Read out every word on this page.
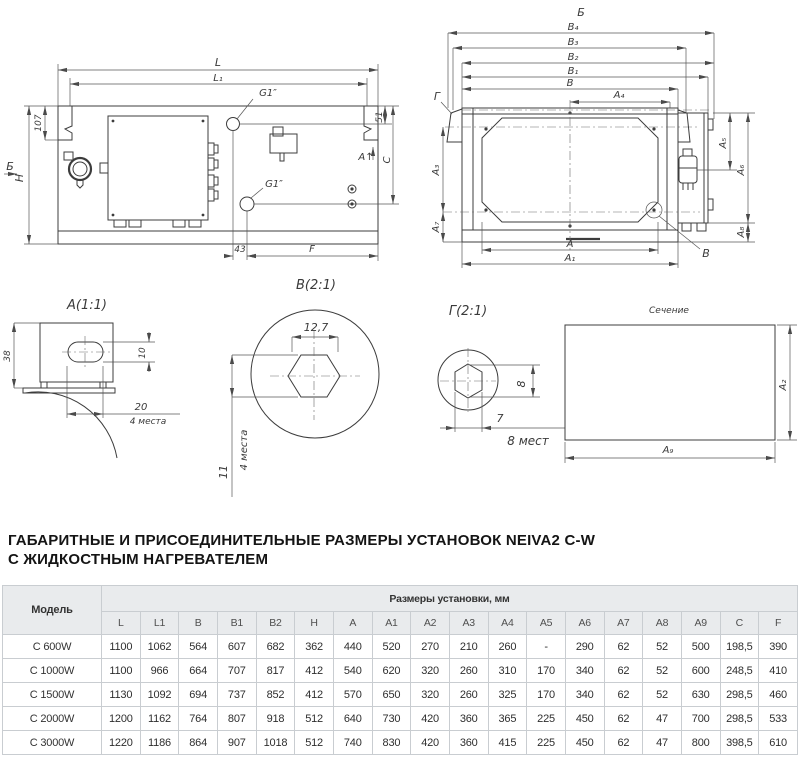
L
L₁
H
Б
107
G1″
G1″
51
C
A↑
43	F
Б
B₄
B₃
B₂
B₁
B
A₄
Г
A₃
A₇
A₅
A₆
A₈
A
A₁	B
А(1:1)
38	10
20
4 места
В(2:1)
12,7
11
4 места
Г(2:1)
8
7
8 мест
Сечение
A₂
A₉
ГАБАРИТНЫЕ И ПРИСОЕДИНИТЕЛЬНЫЕ РАЗМЕРЫ УСТАНОВОК NEIVA2 C-W
С ЖИДКОСТНЫМ НАГРЕВАТЕЛЕМ
Модель	Размеры установки, мм																	
	L	L1	B	B1	B2	H	A	A1	A2	A3	A4	A5	A6	A7	A8	A9	C	F
С 600W	1100	1062	564	607	682	362	440	520	270	210	260	-	290	62	52	500	198,5	390
С 1000W	1100	966	664	707	817	412	540	620	320	260	310	170	340	62	52	600	248,5	410
С 1500W	1130	1092	694	737	852	412	570	650	320	260	325	170	340	62	52	630	298,5	460
С 2000W	1200	1162	764	807	918	512	640	730	420	360	365	225	450	62	47	700	298,5	533
С 3000W	1220	1186	864	907	1018	512	740	830	420	360	415	225	450	62	47	800	398,5	610
